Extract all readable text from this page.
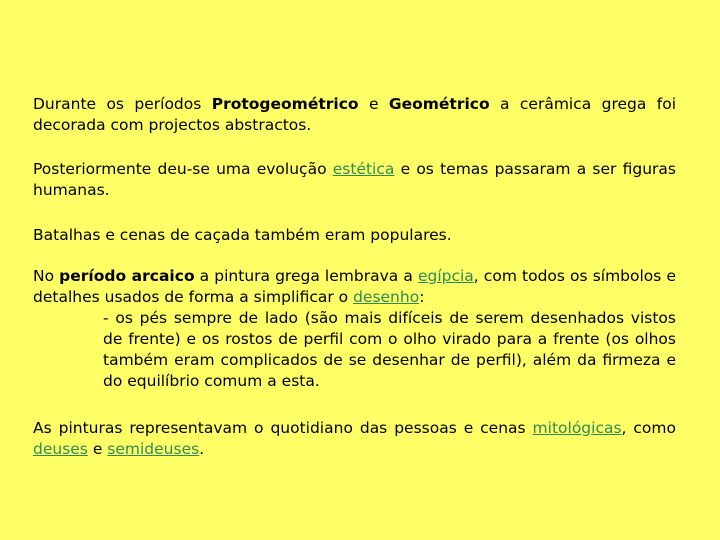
Durante os períodos Protogeométrico e Geométrico a cerâmica grega foi decorada com projectos abstractos.
Posteriormente deu-se uma evolução estética e os temas passaram a ser figuras humanas.
Batalhas e cenas de caçada também eram populares.
No período arcaico a pintura grega lembrava a egípcia, com todos os símbolos e detalhes usados de forma a simplificar o desenho:
- os pés sempre de lado (são mais difíceis de serem desenhados vistos de frente) e os rostos de perfil com o olho virado para a frente (os olhos também eram complicados de se desenhar de perfil), além da firmeza e do equilíbrio comum a esta.
As pinturas representavam o quotidiano das pessoas e cenas mitológicas, como deuses e semideuses.
